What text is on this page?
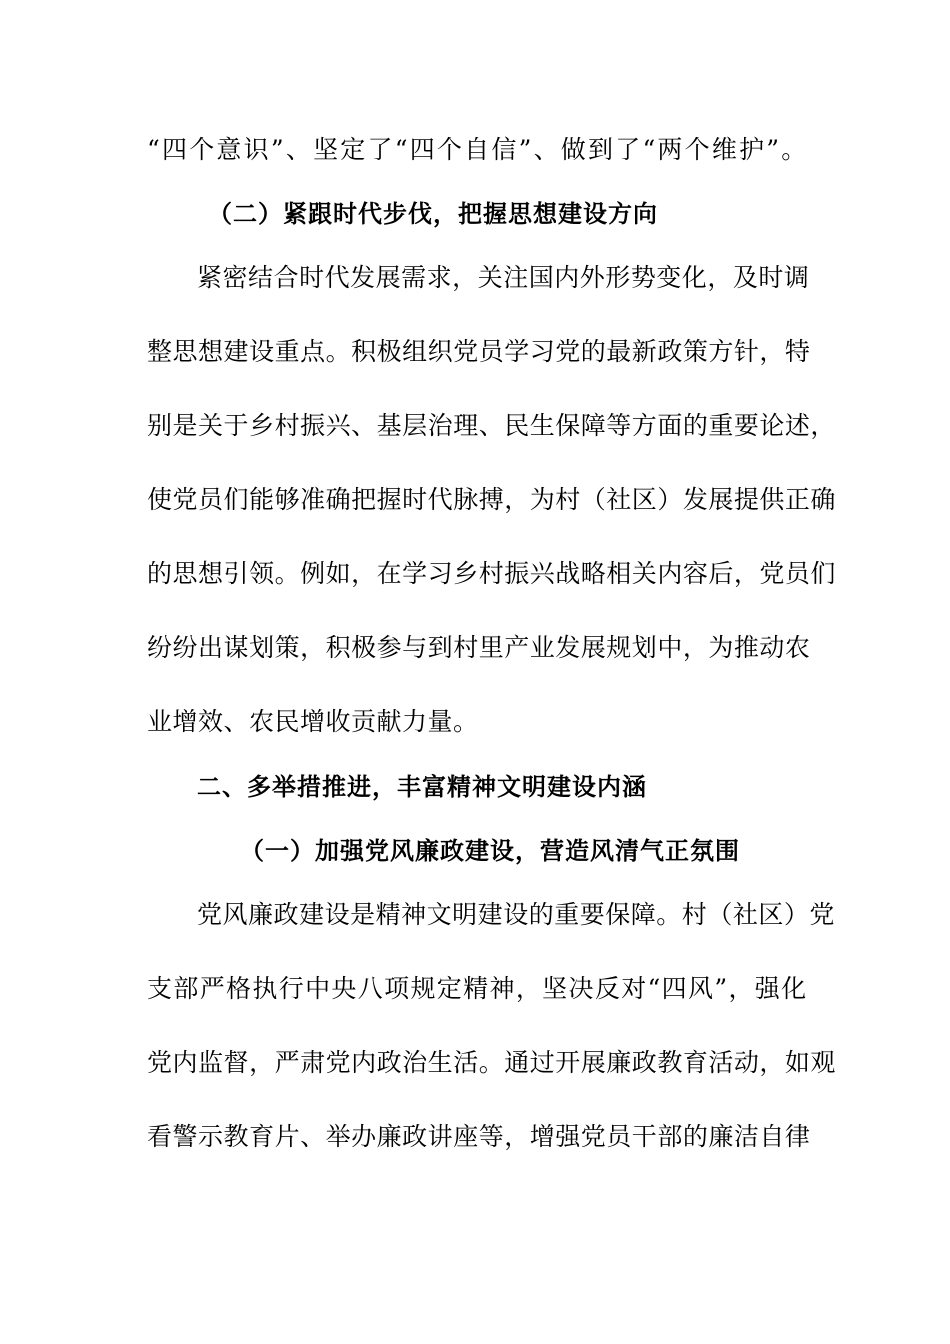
“ 四 个 意 识 ” 、 坚 定 了 “ 四 个 自 信 ” 、 做 到 了 “ 两 个 维 护 ” 。
（二）紧跟时代步伐，把握思想建设方向
紧 密 结 合 时 代 发 展 需 求 ， 关 注 国 内 外 形 势 变 化 ， 及 时 调
整 思 想 建 设 重 点 。 积 极 组 织 党 员 学 习 党 的 最 新 政 策 方 针 ， 特
别 是 关 于 乡 村 振 兴 、 基 层 治 理 、 民 生 保 障 等 方 面 的 重 要 论 述 ，
使 党 员 们 能 够 准 确 把 握 时 代 脉 搏 ， 为 村 （ 社 区 ） 发 展 提 供 正 确
的 思 想 引 领 。 例 如 ， 在 学 习 乡 村 振 兴 战 略 相 关 内 容 后 ， 党 员 们
纷 纷 出 谋 划 策 ， 积 极 参 与 到 村 里 产 业 发 展 规 划 中 ， 为 推 动 农
业增效、农民增收贡献力量。
二、多举措推进，丰富精神文明建设内涵
（一）加强党风廉政建设，营造风清气正氛围
党 风 廉 政 建 设 是 精 神 文 明 建 设 的 重 要 保 障 。 村 （ 社 区 ） 党
支 部 严 格 执 行 中 央 八 项 规 定 精 神 ， 坚 决 反 对 “ 四 风 ” ， 强 化
党 内 监 督 ， 严 肃 党 内 政 治 生 活 。 通 过 开 展 廉 政 教 育 活 动 ， 如 观
看 警 示 教 育 片 、 举 办 廉 政 讲 座 等 ， 增 强 党 员 干 部 的 廉 洁 自 律
